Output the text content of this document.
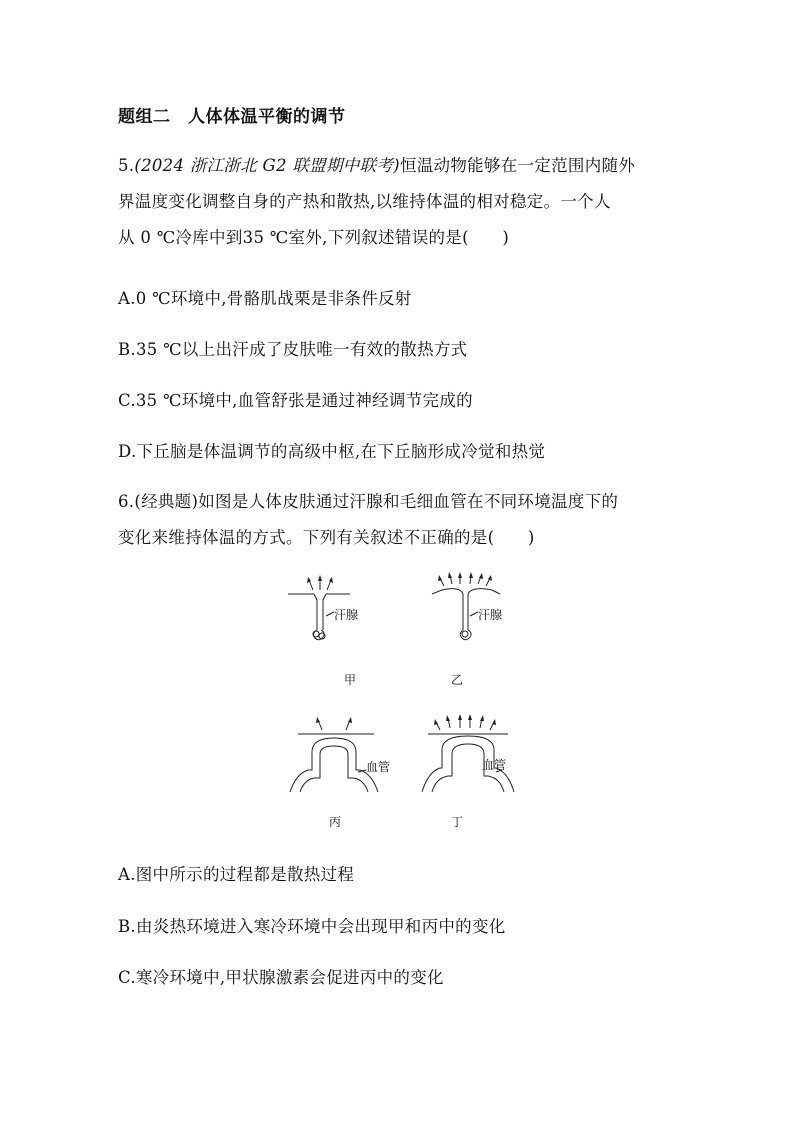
题组二　人体体温平衡的调节
5.(2024 浙江浙北 G2 联盟期中联考)恒温动物能够在一定范围内随外
界温度变化调整自身的产热和散热,以维持体温的相对稳定。一个人
从 0 ℃冷库中到35 ℃室外,下列叙述错误的是(　　)
A.0 ℃环境中,骨骼肌战栗是非条件反射
B.35 ℃以上出汗成了皮肤唯一有效的散热方式
C.35 ℃环境中,血管舒张是通过神经调节完成的
D.下丘脑是体温调节的高级中枢,在下丘脑形成冷觉和热觉
6.(经典题)如图是人体皮肤通过汗腺和毛细血管在不同环境温度下的
变化来维持体温的方式。下列有关叙述不正确的是(　　)
汗腺	汗腺
甲	乙
血管	血管
丙	丁
A.图中所示的过程都是散热过程
B.由炎热环境进入寒冷环境中会出现甲和丙中的变化
C.寒冷环境中,甲状腺激素会促进丙中的变化
